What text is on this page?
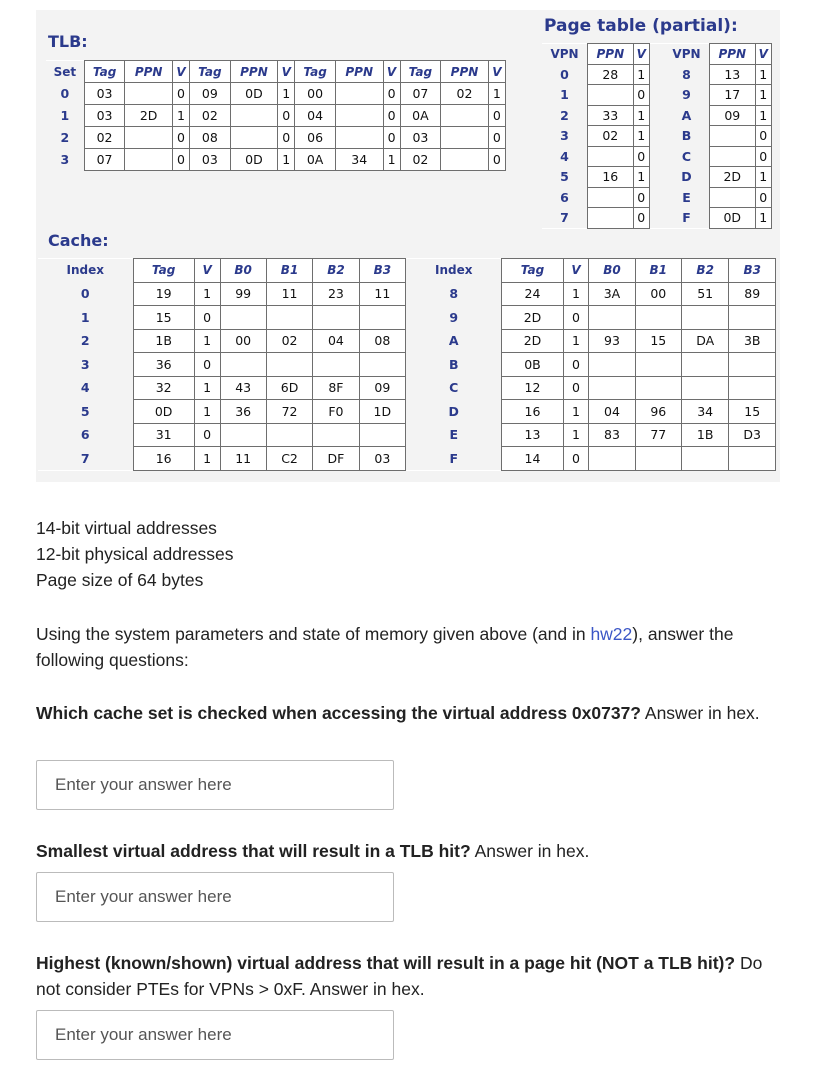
TLB:
Set	Tag	PPN	V	Tag	PPN	V	Tag	PPN	V	Tag	PPN	V
0	03		0	09	0D	1	00		0	07	02	1
1	03	2D	1	02		0	04		0	0A		0
2	02		0	08		0	06		0	03		0
3	07		0	03	0D	1	0A	34	1	02		0
Page table (partial):
VPN	PPN	V		VPN	PPN	V
0	28	1		8	13	1
1		0		9	17	1
2	33	1		A	09	1
3	02	1		B		0
4		0		C		0
5	16	1		D	2D	1
6		0		E		0
7		0		F	0D	1
Cache:
Index	Tag	V	B0	B1	B2	B3	Index	Tag	V	B0	B1	B2	B3
0	19	1	99	11	23	11	8	24	1	3A	00	51	89
1	15	0					9	2D	0				
2	1B	1	00	02	04	08	A	2D	1	93	15	DA	3B
3	36	0					B	0B	0				
4	32	1	43	6D	8F	09	C	12	0				
5	0D	1	36	72	F0	1D	D	16	1	04	96	34	15
6	31	0					E	13	1	83	77	1B	D3
7	16	1	11	C2	DF	03	F	14	0				
14-bit virtual addresses
12-bit physical addresses
Page size of 64 bytes
Using the system parameters and state of memory given above (and in hw22), answer the following questions:
Which cache set is checked when accessing the virtual address 0x0737? Answer in hex.
Enter your answer here
Smallest virtual address that will result in a TLB hit? Answer in hex.
Enter your answer here
Highest (known/shown) virtual address that will result in a page hit (NOT a TLB hit)? Do not consider PTEs for VPNs > 0xF. Answer in hex.
Enter your answer here
